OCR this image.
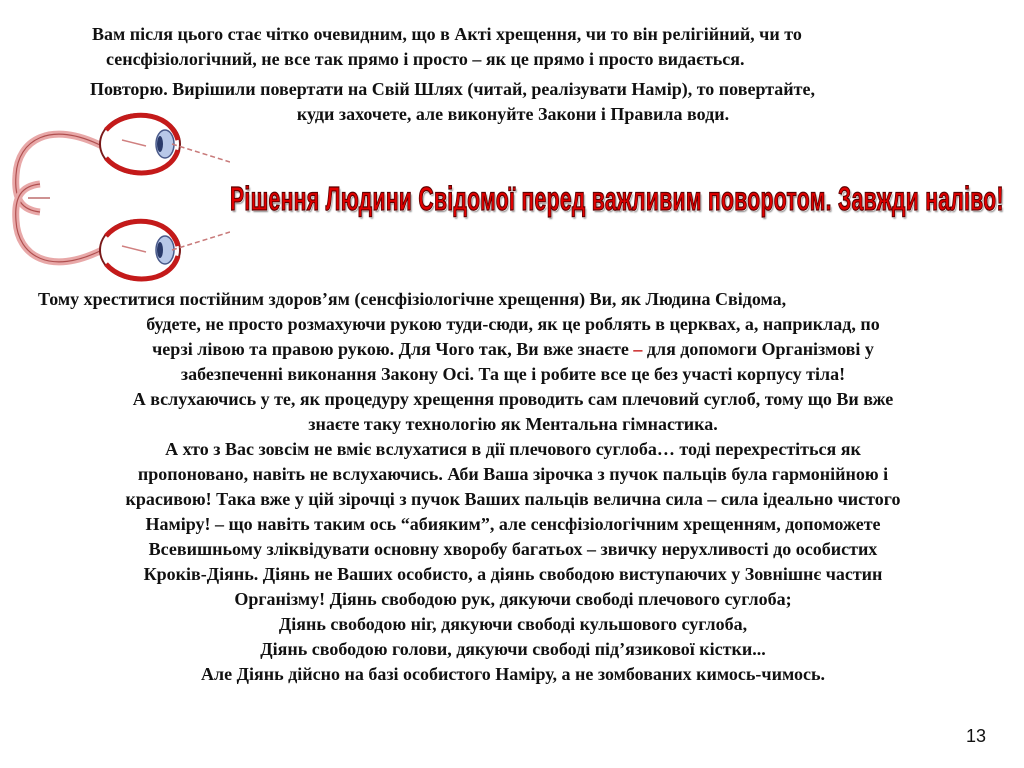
Вам після цього стає чітко очевидним, що в Акті хрещення, чи то він релігійний, чи то
сенсфізіологічний, не все так прямо і просто – як це прямо і просто видається.
Повторю. Вирішили повертати на Свій Шлях (читай, реалізувати Намір), то повертайте,
куди захочете, але виконуйте Закони і Правила води.
Рішення Людини Свідомої перед важливим поворотом. Завжди наліво!
Тому хреститися постійним здоров’ям (сенсфізіологічне хрещення) Ви, як Людина Свідома,
будете, не просто розмахуючи рукою туди-сюди, як це роблять в церквах, а, наприклад, по
черзі лівою та правою рукою. Для Чого так, Ви вже знаєте – для допомоги Організмові у
забезпеченні виконання Закону Осі. Та ще і робите все це без участі корпусу тіла!
А вслухаючись у те, як процедуру хрещення проводить сам плечовий суглоб, тому що Ви вже
знаєте таку технологію як Ментальна гімнастика.
А хто з Вас зовсім не вміє вслухатися в дії плечового суглоба… тоді перехрестіться як
пропоновано, навіть не вслухаючись. Аби Ваша зірочка з пучок пальців була гармонійною і
красивою! Така вже у цій зірочці з пучок Ваших пальців велична сила – сила ідеально чистого
Наміру! – що навіть таким ось “абияким”, але сенсфізіологічним хрещенням, допоможете
Всевишньому зліквідувати основну хворобу багатьох – звичку нерухливості до особистих
Кроків-Діянь. Діянь не Ваших особисто, а діянь свободою виступаючих у Зовнішнє частин
Організму! Діянь свободою рук, дякуючи свободі плечового суглоба;
Діянь свободою ніг, дякуючи свободі кульшового суглоба,
Діянь свободою голови, дякуючи свободі під’язикової кістки...
Але Діянь дійсно на базі особистого Наміру, а не зомбованих кимось-чимось.
13
